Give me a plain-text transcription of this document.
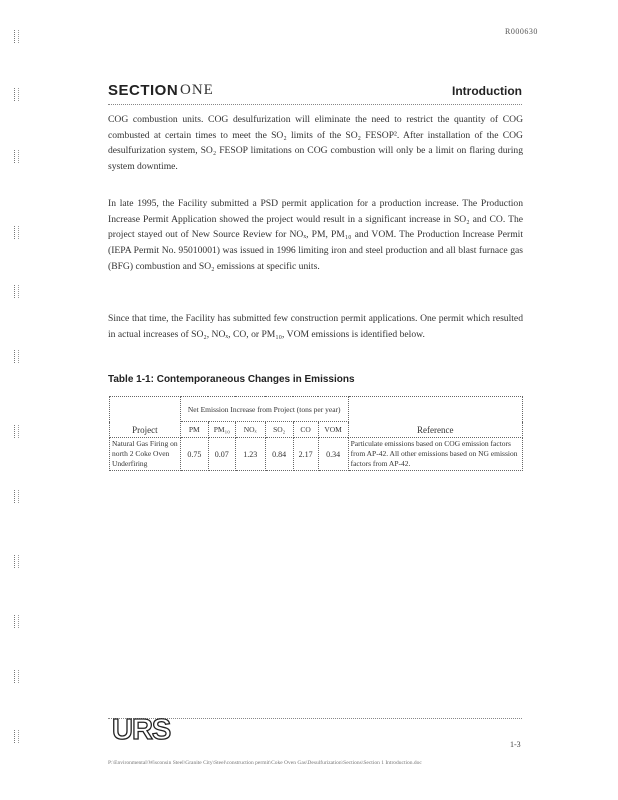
R000630
SECTION ONE	Introduction

COG combustion units. COG desulfurization will eliminate the need to restrict the quantity of COG combusted at certain times to meet the SO₂ limits of the SO₂ FESOP². After installation of the COG desulfurization system, SO₂ FESOP limitations on COG combustion will only be a limit on flaring during system downtime.

In late 1995, the Facility submitted a PSD permit application for a production increase. The Production Increase Permit Application showed the project would result in a significant increase in SO₂ and CO. The project stayed out of New Source Review for NOₓ, PM, PM₁₀ and VOM. The Production Increase Permit (IEPA Permit No. 95010001) was issued in 1996 limiting iron and steel production and all blast furnace gas (BFG) combustion and SO₂ emissions at specific units.

Since that time, the Facility has submitted few construction permit applications. One permit which resulted in actual increases of SO₂, NOₓ, CO, or PM₁₀, VOM emissions is identified below.

Table 1-1: Contemporaneous Changes in Emissions
Project	Net Emission Increase from Project (tons per year)						Reference
	PM	PM₁₀	NOₓ	SO₂	CO	VOM	
Natural Gas Firing on north 2 Coke Oven Underfiring	0.75	0.07	1.23	0.84	2.17	0.34	Particulate emissions based on COG emission factors from AP-42. All other emissions based on NG emission factors from AP-42.
URS	1-3
P:\Environmental\Wisconsin Steel\Granite City\Steel\construction permit\Coke Oven Gas\Desulfurization\Sections\Section 1 Introduction.doc
